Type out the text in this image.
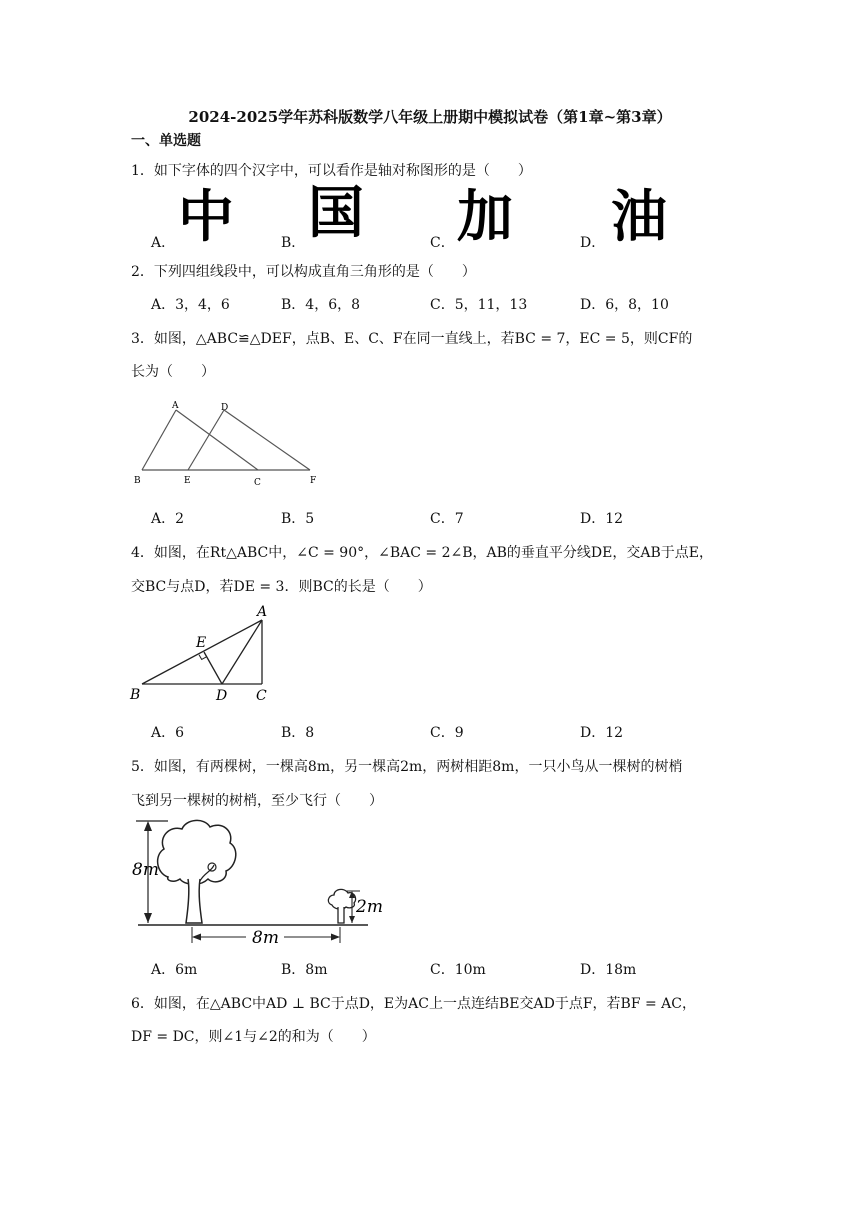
2024-2025学年苏科版数学八年级上册期中模拟试卷（第1章~第3章）
一、单选题
1．如下字体的四个汉字中，可以看作是轴对称图形的是（　　）
A． 中	B． 国	C． 加	D． 油
2．下列四组线段中，可以构成直角三角形的是（　　）
A．3，4，6	B．4，6，8	C．5，11，13	D．6，8，10
3．如图，△ABC≌△DEF，点B、E、C、F在同一直线上，若BC = 7，EC = 5，则CF的
长为（　　）
A	D
B	E	C	F
A．2	B．5	C．7	D．12
4．如图，在Rt△ABC中，∠C = 90°，∠BAC = 2∠B，AB的垂直平分线DE，交AB于点E，
交BC与点D，若DE = 3．则BC的长是（　　）
A
E
B	D C
A．6	B．8	C．9	D．12
5．如图，有两棵树，一棵高8m，另一棵高2m，两树相距8m，一只小鸟从一棵树的树梢
飞到另一棵树的树梢，至少飞行（　　）
8m
2m
8m
A．6m	B．8m	C．10m	D．18m
6．如图，在△ABC中AD ⊥ BC于点D，E为AC上一点连结BE交AD于点F，若BF = AC，
DF = DC，则∠1与∠2的和为（　　）
